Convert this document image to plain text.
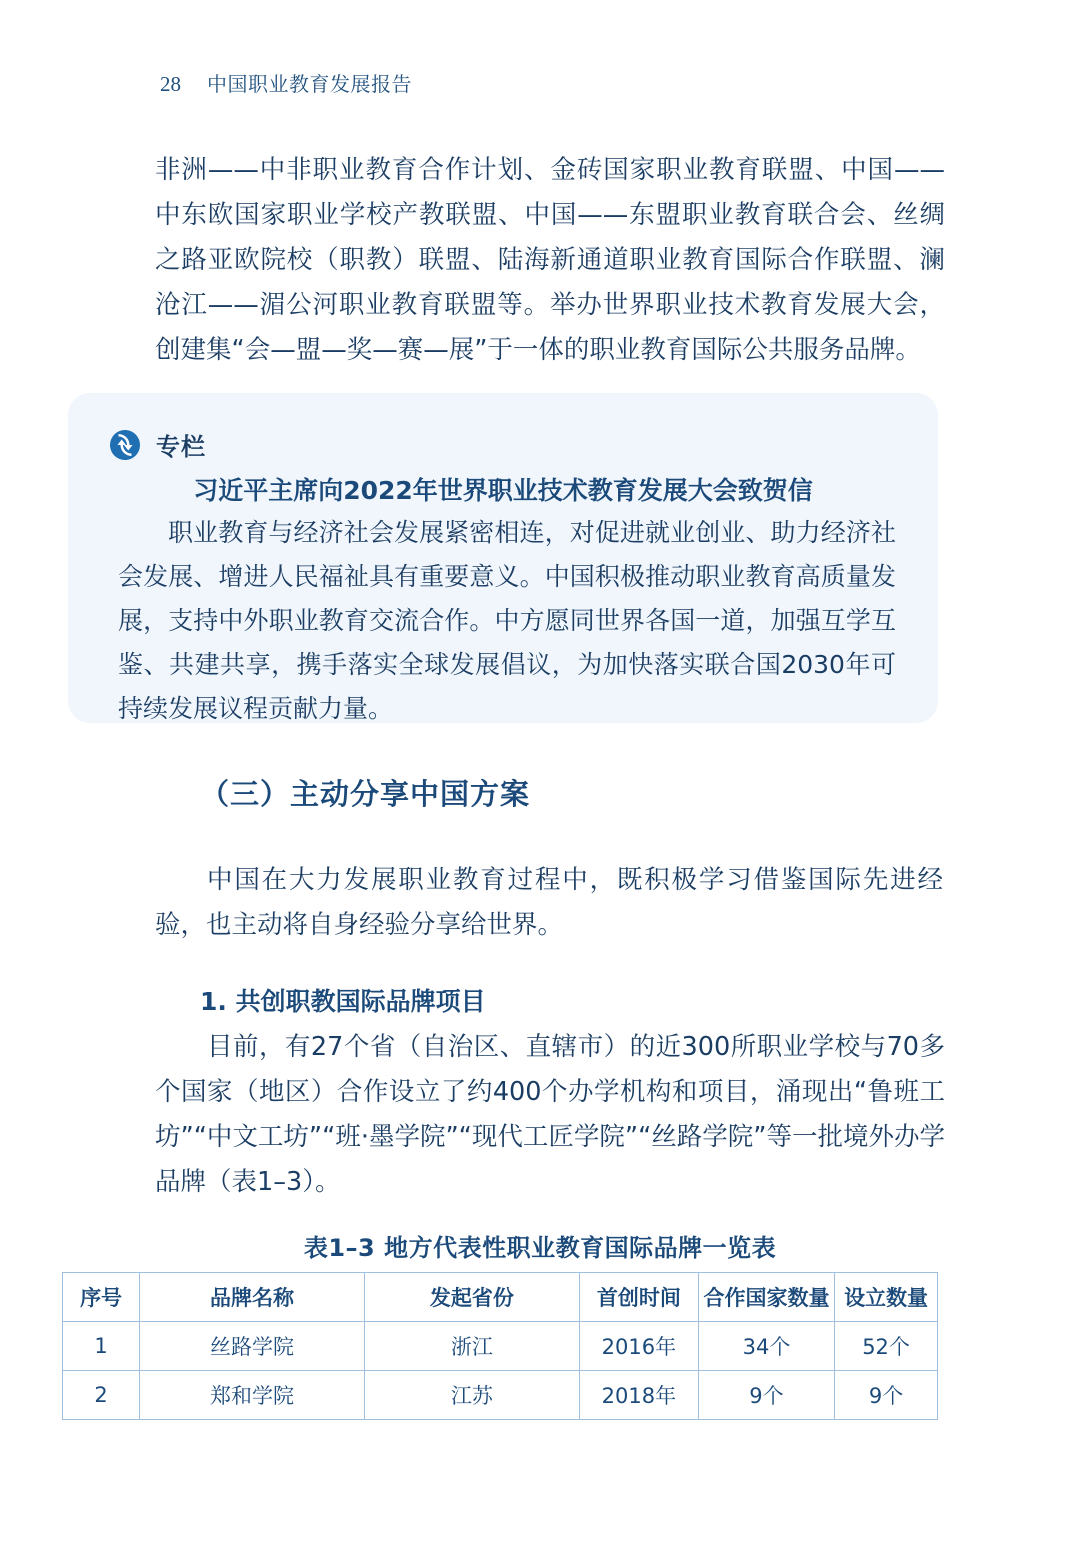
28 中国职业教育发展报告

非洲——中非职业教育合作计划、金砖国家职业教育联盟、中国——中东欧国家职业学校产教联盟、中国——东盟职业教育联合会、丝绸之路亚欧院校（职教）联盟、陆海新通道职业教育国际合作联盟、澜沧江——湄公河职业教育联盟等。举办世界职业技术教育发展大会，创建集“会—盟—奖—赛—展”于一体的职业教育国际公共服务品牌。

专栏
习近平主席向2022年世界职业技术教育发展大会致贺信
职业教育与经济社会发展紧密相连，对促进就业创业、助力经济社会发展、增进人民福祉具有重要意义。中国积极推动职业教育高质量发展，支持中外职业教育交流合作。中方愿同世界各国一道，加强互学互鉴、共建共享，携手落实全球发展倡议，为加快落实联合国2030年可持续发展议程贡献力量。
（三）主动分享中国方案

中国在大力发展职业教育过程中，既积极学习借鉴国际先进经验，也主动将自身经验分享给世界。

1. 共创职教国际品牌项目

目前，有27个省（自治区、直辖市）的近300所职业学校与70多个国家（地区）合作设立了约400个办学机构和项目，涌现出“鲁班工坊”“中文工坊”“班·墨学院”“现代工匠学院”“丝路学院”等一批境外办学品牌（表1–3）。

表1–3 地方代表性职业教育国际品牌一览表
序号	品牌名称	发起省份	首创时间	合作国家数量	设立数量
1	丝路学院	浙江	2016年	34个	52个
2	郑和学院	江苏	2018年	9个	9个
